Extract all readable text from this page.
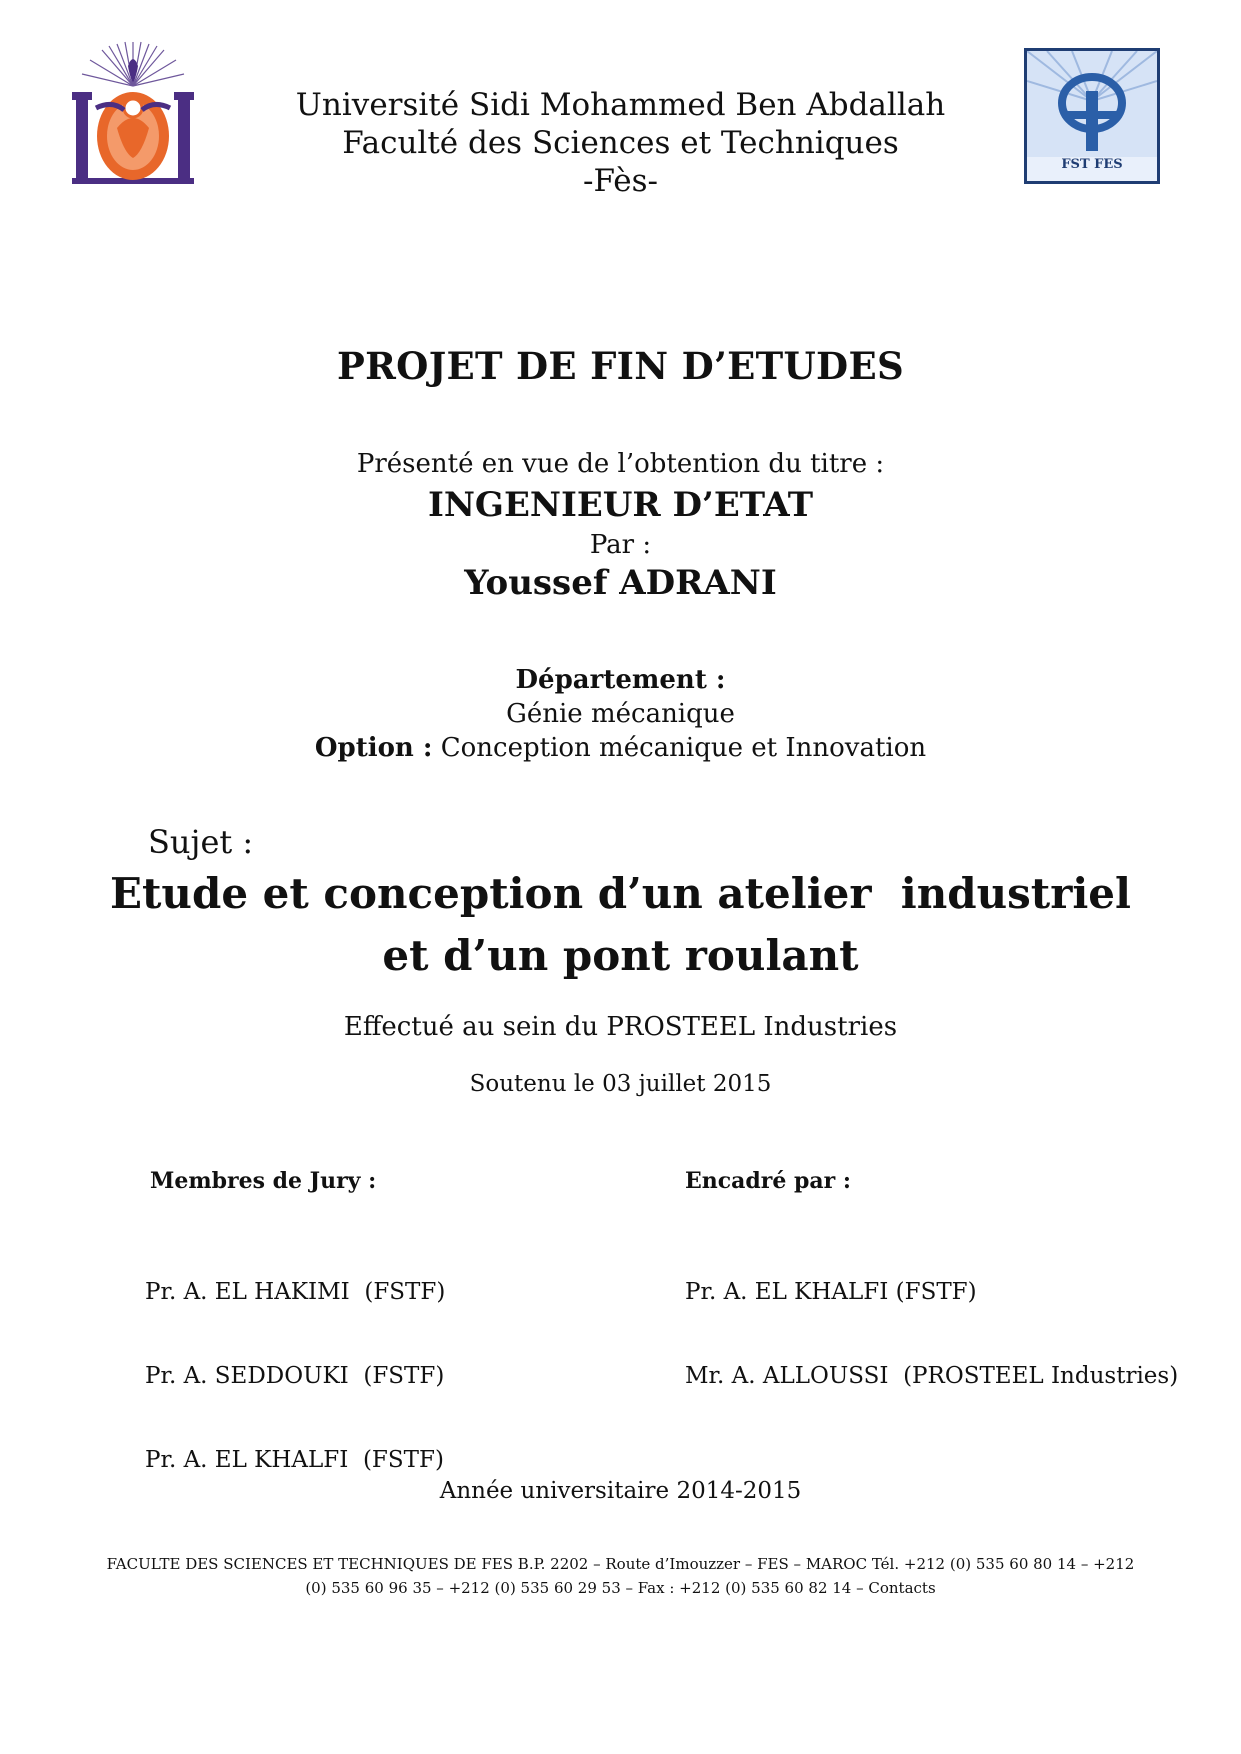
FST FES
Université Sidi Mohammed Ben Abdallah
Faculté des Sciences et Techniques
-Fès-
PROJET DE FIN D’ETUDES
Présenté en vue de l’obtention du titre :
INGENIEUR D’ETAT
Par :
Youssef ADRANI
Département :
Génie mécanique
Option : Conception mécanique et Innovation
Sujet :
Etude et conception d’un atelier  industriel
et d’un pont roulant
Effectué au sein du PROSTEEL Industries
Soutenu le 03 juillet 2015
Membres de Jury :	Encadré par :

Pr. A. EL HAKIMI  (FSTF)

Pr. A. SEDDOUKI  (FSTF)

Pr. A. EL KHALFI  (FSTF)

Pr. A. EL KHALFI (FSTF)

Mr. A. ALLOUSSI  (PROSTEEL Industries)

Année universitaire 2014-2015
FACULTE DES SCIENCES ET TECHNIQUES DE FES B.P. 2202 – Route d’Imouzzer – FES – MAROC Tél. +212 (0) 535 60 80 14 – +212
(0) 535 60 96 35 – +212 (0) 535 60 29 53 – Fax : +212 (0) 535 60 82 14 – Contacts
